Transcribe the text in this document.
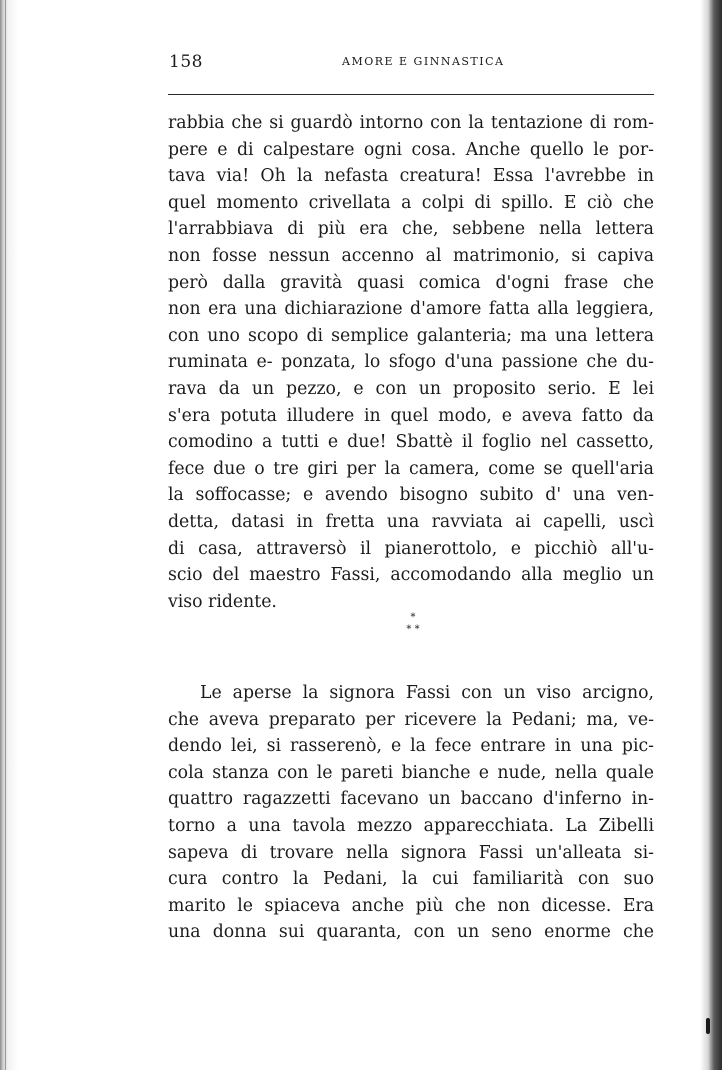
158	AMORE E GINNASTICA
rabbia che si guardò intorno con la tentazione di rom-
pere e di calpestare ogni cosa. Anche quello le por-
tava via! Oh la nefasta creatura! Essa l'avrebbe in
quel momento crivellata a colpi di spillo. E ciò che
l'arrabbiava di più era che, sebbene nella lettera
non fosse nessun accenno al matrimonio, si capiva
però dalla gravità quasi comica d'ogni frase che
non era una dichiarazione d'amore fatta alla leggiera,
con uno scopo di semplice galanteria; ma una lettera
ruminata e- ponzata, lo sfogo d'una passione che du-
rava da un pezzo, e con un proposito serio. E lei
s'era potuta illudere in quel modo, e aveva fatto da
comodino a tutti e due! Sbattè il foglio nel cassetto,
fece due o tre giri per la camera, come se quell'aria
la soffocasse; e avendo bisogno subito d' una ven-
detta, datasi in fretta una ravviata ai capelli, uscì
di casa, attraversò il pianerottolo, e picchiò all'u-
scio del maestro Fassi, accomodando alla meglio un
viso ridente.
*
* *
Le aperse la signora Fassi con un viso arcigno,
che aveva preparato per ricevere la Pedani; ma, ve-
dendo lei, si rasserenò, e la fece entrare in una pic-
cola stanza con le pareti bianche e nude, nella quale
quattro ragazzetti facevano un baccano d'inferno in-
torno a una tavola mezzo apparecchiata. La Zibelli
sapeva di trovare nella signora Fassi un'alleata si-
cura contro la Pedani, la cui familiarità con suo
marito le spiaceva anche più che non dicesse. Era
una donna sui quaranta, con un seno enorme che
